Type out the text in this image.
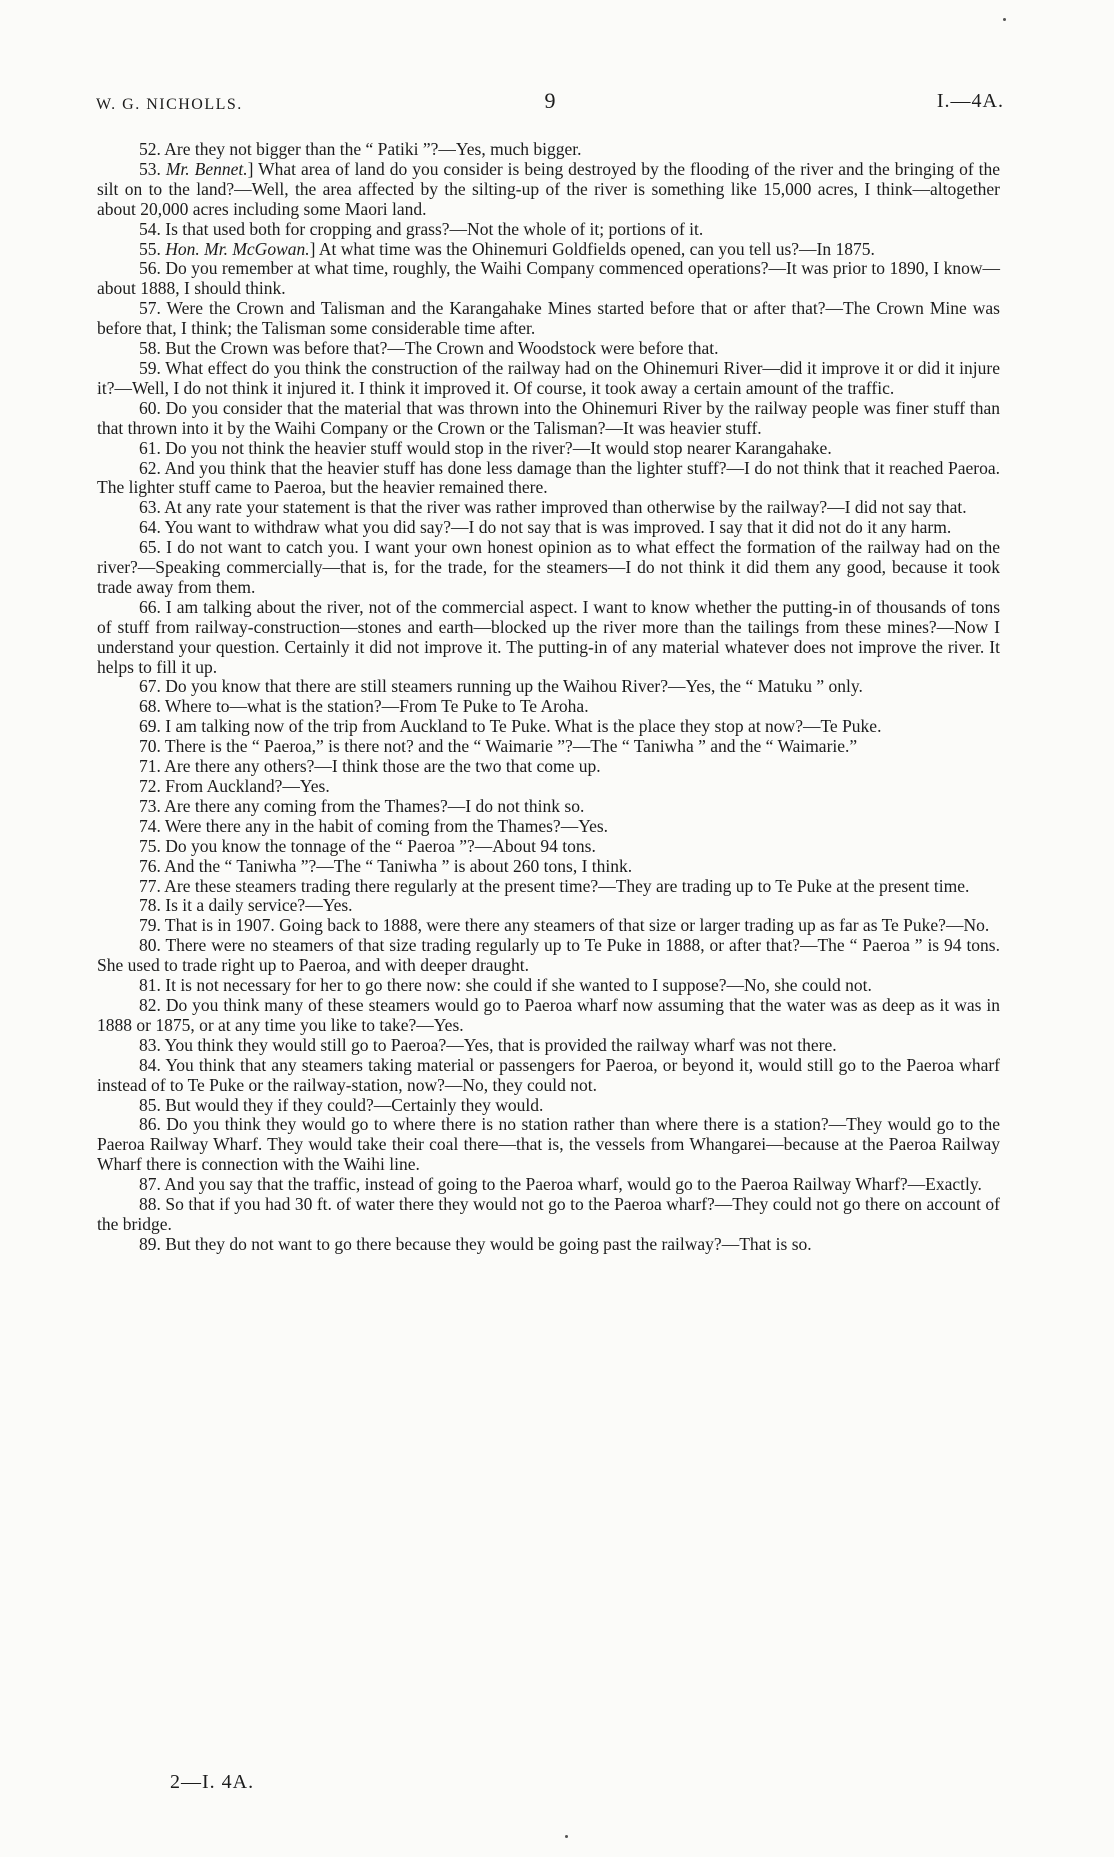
W. G. NICHOLLS.	9	I.—4A.

52. Are they not bigger than the “ Patiki ”?—Yes, much bigger.

53. Mr. Bennet.] What area of land do you consider is being destroyed by the flooding of the river and the bringing of the silt on to the land?—Well, the area affected by the silting-up of the river is something like 15,000 acres, I think—altogether about 20,000 acres including some Maori land.

54. Is that used both for cropping and grass?—Not the whole of it; portions of it.

55. Hon. Mr. McGowan.] At what time was the Ohinemuri Goldfields opened, can you tell us?—In 1875.

56. Do you remember at what time, roughly, the Waihi Company commenced operations?—It was prior to 1890, I know—about 1888, I should think.

57. Were the Crown and Talisman and the Karangahake Mines started before that or after that?—The Crown Mine was before that, I think; the Talisman some considerable time after.

58. But the Crown was before that?—The Crown and Woodstock were before that.

59. What effect do you think the construction of the railway had on the Ohinemuri River—did it improve it or did it injure it?—Well, I do not think it injured it. I think it improved it. Of course, it took away a certain amount of the traffic.

60. Do you consider that the material that was thrown into the Ohinemuri River by the railway people was finer stuff than that thrown into it by the Waihi Company or the Crown or the Talisman?—It was heavier stuff.

61. Do you not think the heavier stuff would stop in the river?—It would stop nearer Karangahake.

62. And you think that the heavier stuff has done less damage than the lighter stuff?—I do not think that it reached Paeroa. The lighter stuff came to Paeroa, but the heavier remained there.

63. At any rate your statement is that the river was rather improved than otherwise by the railway?—I did not say that.

64. You want to withdraw what you did say?—I do not say that is was improved. I say that it did not do it any harm.

65. I do not want to catch you. I want your own honest opinion as to what effect the formation of the railway had on the river?—Speaking commercially—that is, for the trade, for the steamers—I do not think it did them any good, because it took trade away from them.

66. I am talking about the river, not of the commercial aspect. I want to know whether the putting-in of thousands of tons of stuff from railway-construction—stones and earth—blocked up the river more than the tailings from these mines?—Now I understand your question. Certainly it did not improve it. The putting-in of any material whatever does not improve the river. It helps to fill it up.

67. Do you know that there are still steamers running up the Waihou River?—Yes, the “ Matuku ” only.

68. Where to—what is the station?—From Te Puke to Te Aroha.

69. I am talking now of the trip from Auckland to Te Puke. What is the place they stop at now?—Te Puke.

70. There is the “ Paeroa,” is there not? and the “ Waimarie ”?—The “ Taniwha ” and the “ Waimarie.”

71. Are there any others?—I think those are the two that come up.

72. From Auckland?—Yes.

73. Are there any coming from the Thames?—I do not think so.

74. Were there any in the habit of coming from the Thames?—Yes.

75. Do you know the tonnage of the “ Paeroa ”?—About 94 tons.

76. And the “ Taniwha ”?—The “ Taniwha ” is about 260 tons, I think.

77. Are these steamers trading there regularly at the present time?—They are trading up to Te Puke at the present time.

78. Is it a daily service?—Yes.

79. That is in 1907. Going back to 1888, were there any steamers of that size or larger trading up as far as Te Puke?—No.

80. There were no steamers of that size trading regularly up to Te Puke in 1888, or after that?—The “ Paeroa ” is 94 tons. She used to trade right up to Paeroa, and with deeper draught.

81. It is not necessary for her to go there now: she could if she wanted to I suppose?—No, she could not.

82. Do you think many of these steamers would go to Paeroa wharf now assuming that the water was as deep as it was in 1888 or 1875, or at any time you like to take?—Yes.

83. You think they would still go to Paeroa?—Yes, that is provided the railway wharf was not there.

84. You think that any steamers taking material or passengers for Paeroa, or beyond it, would still go to the Paeroa wharf instead of to Te Puke or the railway-station, now?—No, they could not.

85. But would they if they could?—Certainly they would.

86. Do you think they would go to where there is no station rather than where there is a station?—They would go to the Paeroa Railway Wharf. They would take their coal there—that is, the vessels from Whangarei—because at the Paeroa Railway Wharf there is connection with the Waihi line.

87. And you say that the traffic, instead of going to the Paeroa wharf, would go to the Paeroa Railway Wharf?—Exactly.

88. So that if you had 30 ft. of water there they would not go to the Paeroa wharf?—They could not go there on account of the bridge.

89. But they do not want to go there because they would be going past the railway?—That is so.

2—I. 4A.
